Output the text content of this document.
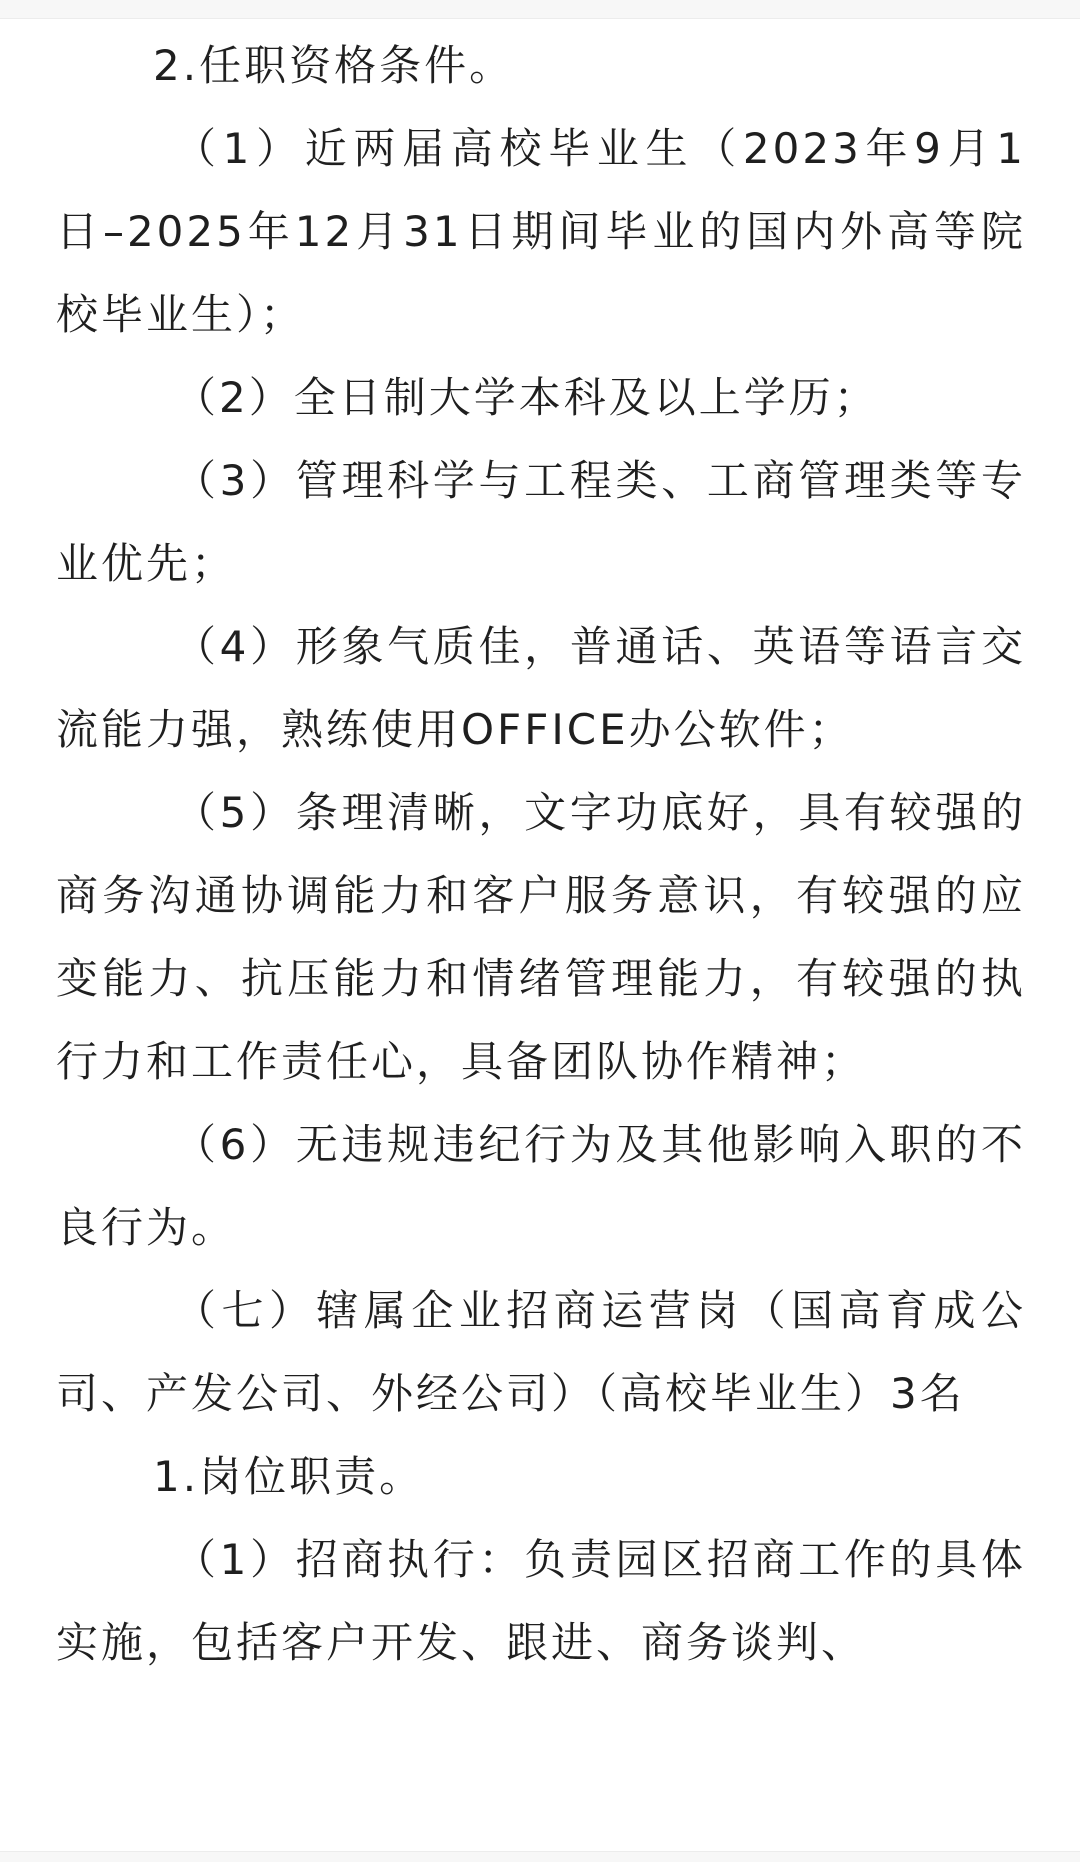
2.任职资格条件。

（1）近两届高校毕业生（2023年9月1日–2025年12月31日期间毕业的国内外高等院校毕业生）；

（2）全日制大学本科及以上学历；

（3）管理科学与工程类、工商管理类等专业优先；

（4）形象气质佳，普通话、英语等语言交流能力强，熟练使用OFFICE办公软件；

（5）条理清晰，文字功底好，具有较强的商务沟通协调能力和客户服务意识，有较强的应变能力、抗压能力和情绪管理能力，有较强的执行力和工作责任心，具备团队协作精神；

（6）无违规违纪行为及其他影响入职的不良行为。

（七）辖属企业招商运营岗（国高育成公司、产发公司、外经公司）（高校毕业生）3名

1.岗位职责。

（1）招商执行：负责园区招商工作的具体实施，包括客户开发、跟进、商务谈判、
